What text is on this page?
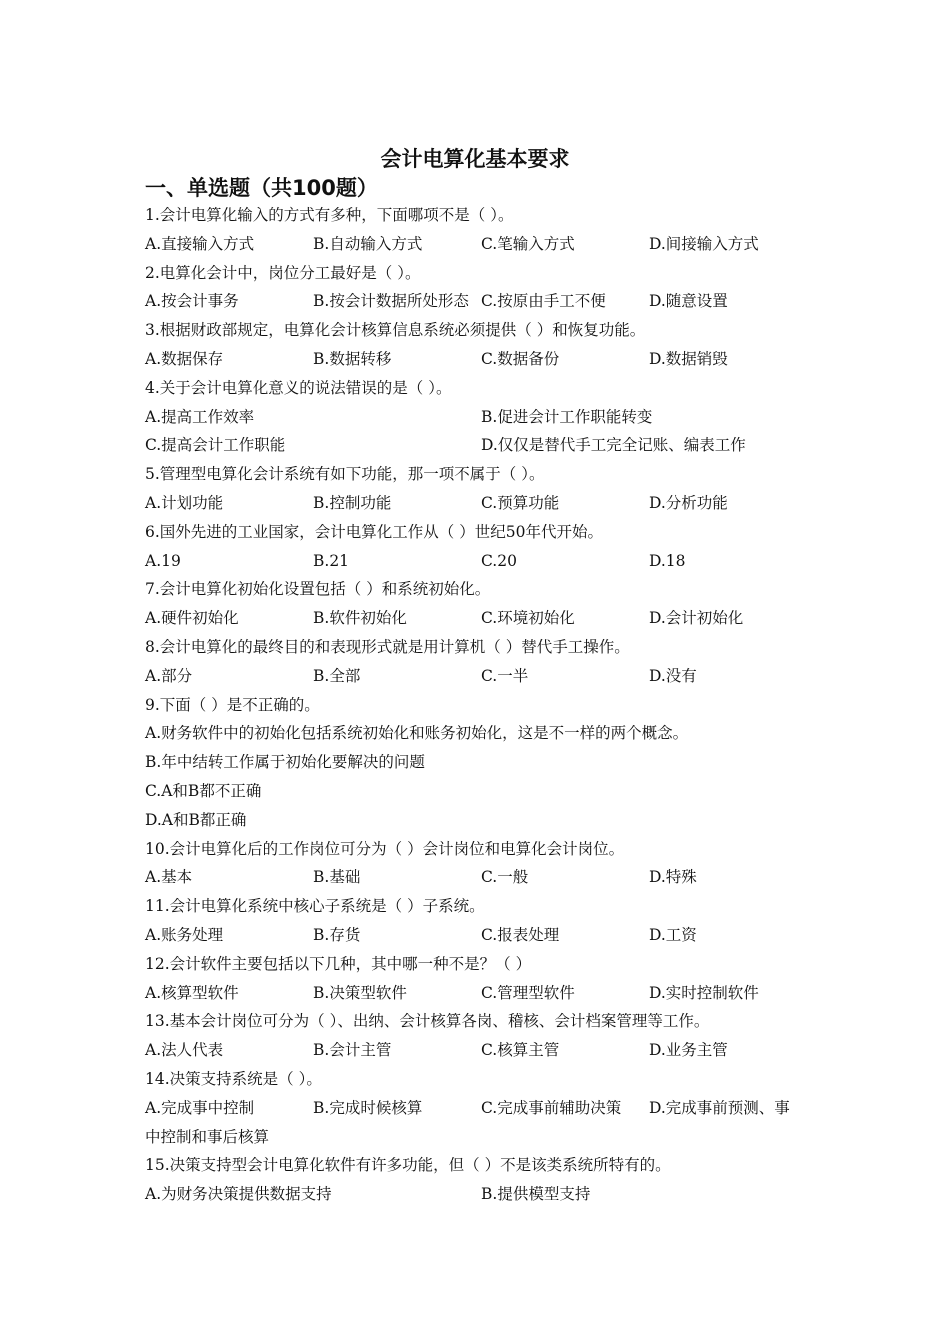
会计电算化基本要求
一、单选题（共100题）
1.会计电算化输入的方式有多种，下面哪项不是（ ）。
A.直接输入方式	B.自动输入方式	C.笔输入方式	D.间接输入方式
2.电算化会计中，岗位分工最好是（ ）。
A.按会计事务	B.按会计数据所处形态 C.按原由手工不便	D.随意设置
3.根据财政部规定，电算化会计核算信息系统必须提供（ ）和恢复功能。
A.数据保存	B.数据转移	C.数据备份	D.数据销毁
4.关于会计电算化意义的说法错误的是（ ）。
A.提高工作效率	B.促进会计工作职能转变
C.提高会计工作职能	D.仅仅是替代手工完全记账、编表工作
5.管理型电算化会计系统有如下功能，那一项不属于（ ）。
A.计划功能	B.控制功能	C.预算功能	D.分析功能
6.国外先进的工业国家，会计电算化工作从（ ）世纪50年代开始。
A.19	B.21	C.20	D.18
7.会计电算化初始化设置包括（ ）和系统初始化。
A.硬件初始化	B.软件初始化	C.环境初始化	D.会计初始化
8.会计电算化的最终目的和表现形式就是用计算机（ ）替代手工操作。
A.部分	B.全部	C.一半	D.没有
9.下面（ ）是不正确的。
A.财务软件中的初始化包括系统初始化和账务初始化，这是不一样的两个概念。
B.年中结转工作属于初始化要解决的问题
C.A和B都不正确
D.A和B都正确
10.会计电算化后的工作岗位可分为（ ）会计岗位和电算化会计岗位。
A.基本	B.基础	C.一般	D.特殊
11.会计电算化系统中核心子系统是（ ）子系统。
A.账务处理	B.存货	C.报表处理	D.工资
12.会计软件主要包括以下几种，其中哪一种不是？（ ）
A.核算型软件	B.决策型软件	C.管理型软件	D.实时控制软件
13.基本会计岗位可分为（ ）、出纳、会计核算各岗、稽核、会计档案管理等工作。
A.法人代表	B.会计主管	C.核算主管	D.业务主管
14.决策支持系统是（ ）。
A.完成事中控制	B.完成时候核算	C.完成事前辅助决策	D.完成事前预测、事
中控制和事后核算
15.决策支持型会计电算化软件有许多功能，但（ ）不是该类系统所特有的。
A.为财务决策提供数据支持	B.提供模型支持
